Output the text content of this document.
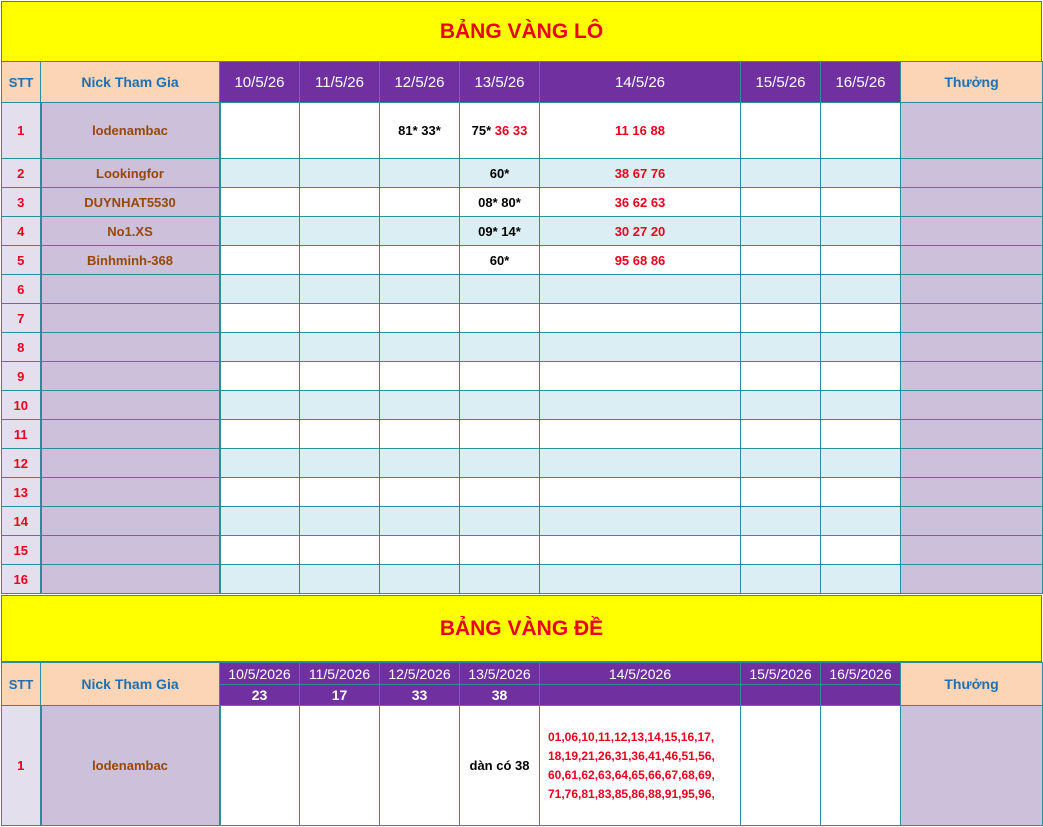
BẢNG VÀNG LÔ
STT	Nick Tham Gia	10/5/26	11/5/26	12/5/26	13/5/26	14/5/26	15/5/26	16/5/26	Thưởng
1	lodenambac			81* 33*	75* 36 33	11 16 88			
2	Lookingfor				60*	38 67 76			
3	DUYNHAT5530				08* 80*	36 62 63			
4	No1.XS				09* 14*	30 27 20			
5	Binhminh-368				60*	95 68 86			
6									
7									
8									
9									
10									
11									
12									
13									
14									
15									
16									
BẢNG VÀNG ĐỀ
STT	Nick Tham Gia	10/5/2026	11/5/2026	12/5/2026	13/5/2026	14/5/2026	15/5/2026	16/5/2026	Thưởng
		23	17	33	38				
1	lodenambac				dàn có 38	01,06,10,11,12,13,14,15,16,17,
18,19,21,26,31,36,41,46,51,56,
60,61,62,63,64,65,66,67,68,69,
71,76,81,83,85,86,88,91,95,96,			
